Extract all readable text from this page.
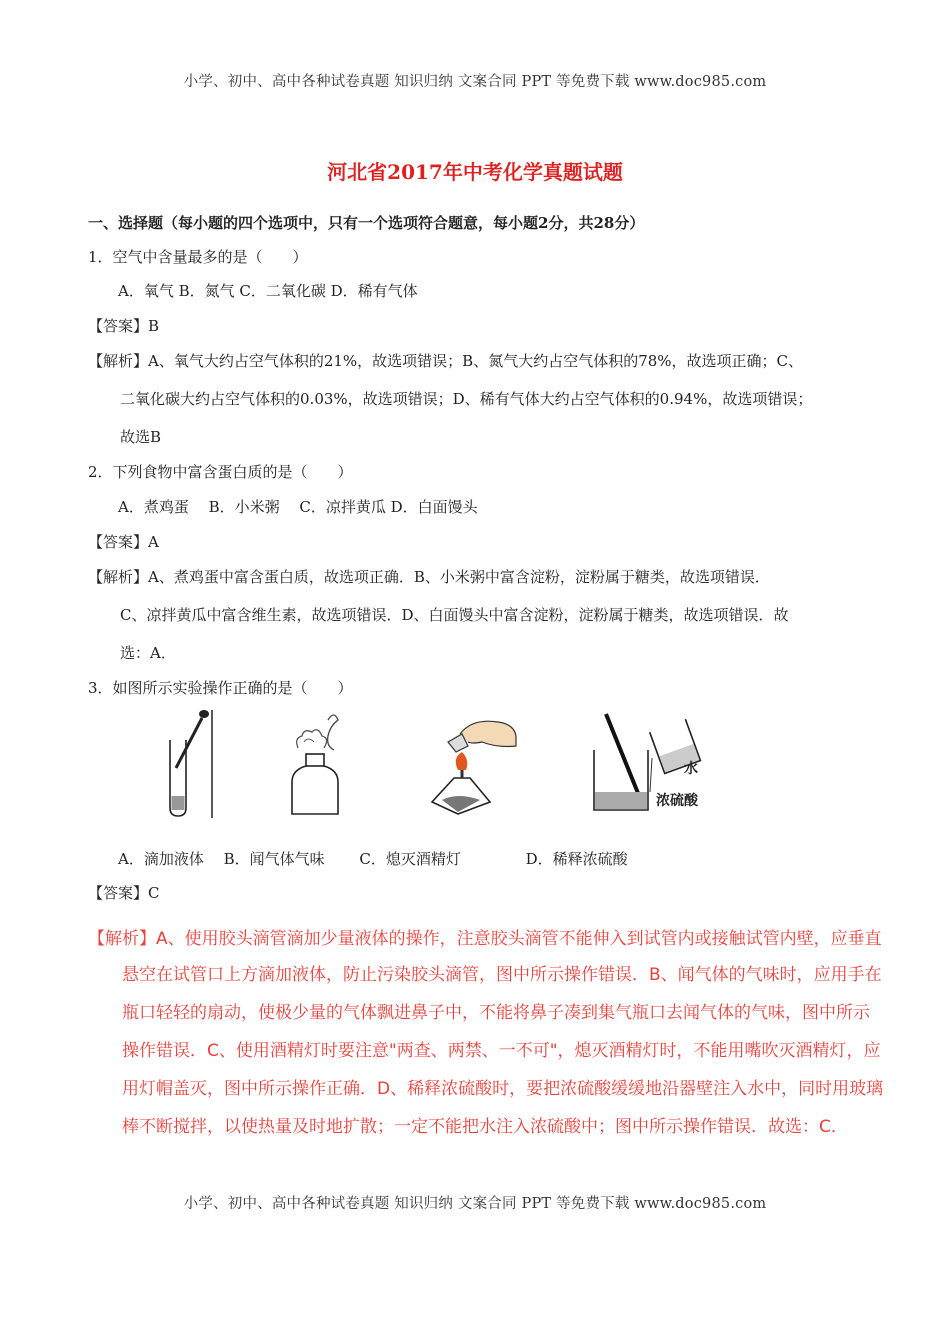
小学、初中、高中各种试卷真题 知识归纳 文案合同 PPT 等免费下载 www.doc985.com
河北省2017年中考化学真题试题
一、选择题（每小题的四个选项中，只有一个选项符合题意，每小题2分，共28分）
1．空气中含量最多的是（　　）
A．氧气 B．氮气 C．二氧化碳 D．稀有气体
【答案】B
【解析】A、氧气大约占空气体积的21%，故选项错误；B、氮气大约占空气体积的78%，故选项正确；C、
二氧化碳大约占空气体积的0.03%，故选项错误；D、稀有气体大约占空气体积的0.94%，故选项错误；
故选B
2．下列食物中富含蛋白质的是（　　）
A．煮鸡蛋　 B．小米粥　 C．凉拌黄瓜 D．白面馒头
【答案】A
【解析】A、煮鸡蛋中富含蛋白质，故选项正确．B、小米粥中富含淀粉，淀粉属于糖类，故选项错误．
C、凉拌黄瓜中富含维生素，故选项错误．D、白面馒头中富含淀粉，淀粉属于糖类，故选项错误．故
选：A．
3．如图所示实验操作正确的是（　　）
水
浓硫酸
A．滴加液体　 B．闻气体气味　　 C．熄灭酒精灯　　　　 D．稀释浓硫酸
【答案】C
【解析】A、使用胶头滴管滴加少量液体的操作，注意胶头滴管不能伸入到试管内或接触试管内壁，应垂直
悬空在试管口上方滴加液体，防止污染胶头滴管，图中所示操作错误．B、闻气体的气味时，应用手在
瓶口轻轻的扇动，使极少量的气体飘进鼻子中，不能将鼻子凑到集气瓶口去闻气体的气味，图中所示
操作错误．C、使用酒精灯时要注意"两查、两禁、一不可"，熄灭酒精灯时，不能用嘴吹灭酒精灯，应
用灯帽盖灭，图中所示操作正确．D、稀释浓硫酸时，要把浓硫酸缓缓地沿器壁注入水中，同时用玻璃
棒不断搅拌，以使热量及时地扩散；一定不能把水注入浓硫酸中；图中所示操作错误．故选：C．
小学、初中、高中各种试卷真题 知识归纳 文案合同 PPT 等免费下载 www.doc985.com
